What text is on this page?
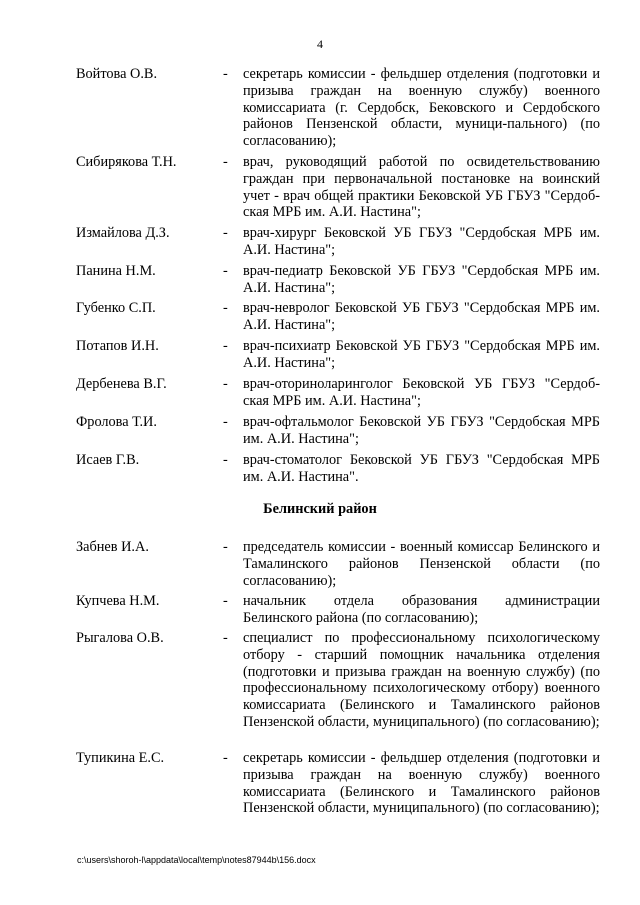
4
Войтова О.В.	- секретарь комиссии - фельдшер отделения (подготовки и призыва граждан на военную службу) военного комиссариата (г. Сердобск, Бековского и Сердобского районов Пензенской области, муници-пального) (по согласованию);
Сибирякова Т.Н.	- врач, руководящий работой по освидетельствованию граждан при первоначальной постановке на воинский учет - врач общей практики Бековской УБ ГБУЗ "Сердоб-ская МРБ им. А.И. Настина";
Измайлова Д.З.	- врач-хирург Бековской УБ ГБУЗ "Сердобская МРБ им. А.И. Настина";
Панина Н.М.	- врач-педиатр Бековской УБ ГБУЗ "Сердобская МРБ им. А.И. Настина";
Губенко С.П.	- врач-невролог Бековской УБ ГБУЗ "Сердобская МРБ им. А.И. Настина";
Потапов И.Н.	- врач-психиатр Бековской УБ ГБУЗ "Сердобская МРБ им. А.И. Настина";
Дербенева В.Г.	- врач-оториноларинголог Бековской УБ ГБУЗ "Сердоб-ская МРБ им. А.И. Настина";
Фролова Т.И.	- врач-офтальмолог Бековской УБ ГБУЗ "Сердобская МРБ им. А.И. Настина";
Исаев Г.В.	- врач-стоматолог Бековской УБ ГБУЗ "Сердобская МРБ им. А.И. Настина".
Белинский район
Забнев И.А.	- председатель комиссии - военный комиссар Белинского и Тамалинского районов Пензенской области (по согласованию);
Купчева Н.М.	- начальник отдела образования администрации Белинского района (по согласованию);
Рыгалова О.В.	- специалист по профессиональному психологическому отбору - старший помощник начальника отделения (подготовки и призыва граждан на военную службу) (по профессиональному психологическому отбору) военного комиссариата (Белинского и Тамалинского районов Пензенской области, муниципального) (по согласованию);
Тупикина Е.С.	- секретарь комиссии - фельдшер отделения (подготовки и призыва граждан на военную службу) военного комиссариата (Белинского и Тамалинского районов Пензенской области, муниципального) (по согласованию);
c:\users\shoroh-l\appdata\local\temp\notes87944b\156.docx
